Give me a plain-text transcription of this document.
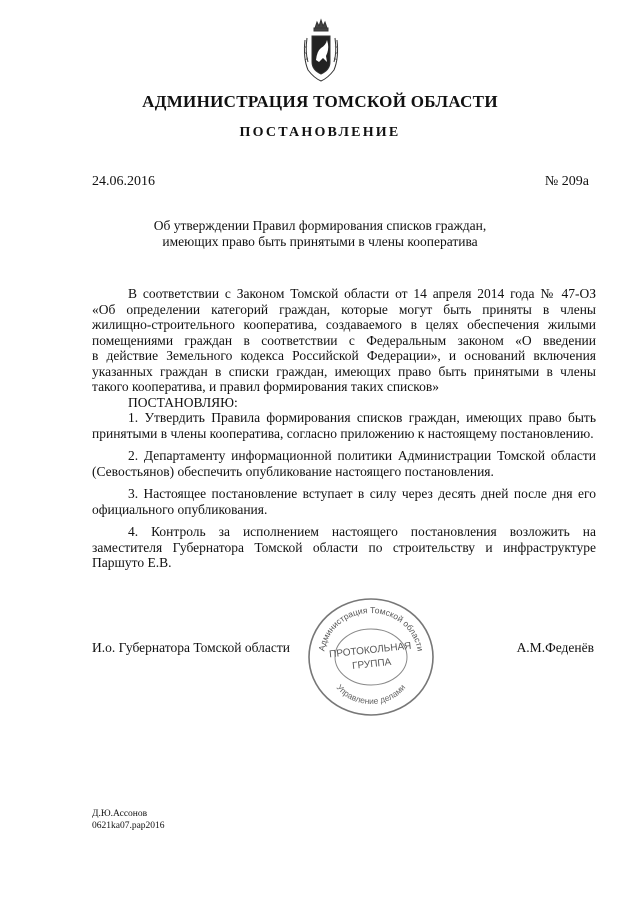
АДМИНИСТРАЦИЯ ТОМСКОЙ ОБЛАСТИ
ПОСТАНОВЛЕНИЕ
24.06.2016	№ 209а
Об утверждении Правил формирования списков граждан,
имеющих право быть принятыми в члены кооператива
В соответствии с Законом Томской области от 14 апреля 2014 года № 47-ОЗ
«Об определении категорий граждан, которые могут быть приняты в члены
жилищно-строительного кооператива, создаваемого в целях обеспечения жилыми
помещениями граждан в соответствии с Федеральным законом «О введении
в действие Земельного кодекса Российской Федерации», и оснований включения
указанных граждан в списки граждан, имеющих право быть принятыми в члены
такого кооператива, и правил формирования таких списков»
ПОСТАНОВЛЯЮ:

1. Утвердить Правила формирования списков граждан, имеющих право быть принятыми в члены кооператива, согласно приложению к настоящему постановлению.

2. Департаменту информационной политики Администрации Томской области (Севостьянов) обеспечить опубликование настоящего постановления.

3. Настоящее постановление вступает в силу через десять дней после дня его официального опубликования.

4. Контроль за исполнением настоящего постановления возложить на заместителя Губернатора Томской области по строительству и инфраструктуре Паршуто Е.В.

И.о. Губернатора Томской области	А.М.Феденёв
Администрация Томской области
Управление делами
ПРОТОКОЛЬНАЯ
ГРУППА
Д.Ю.Ассонов
0621ka07.pap2016
